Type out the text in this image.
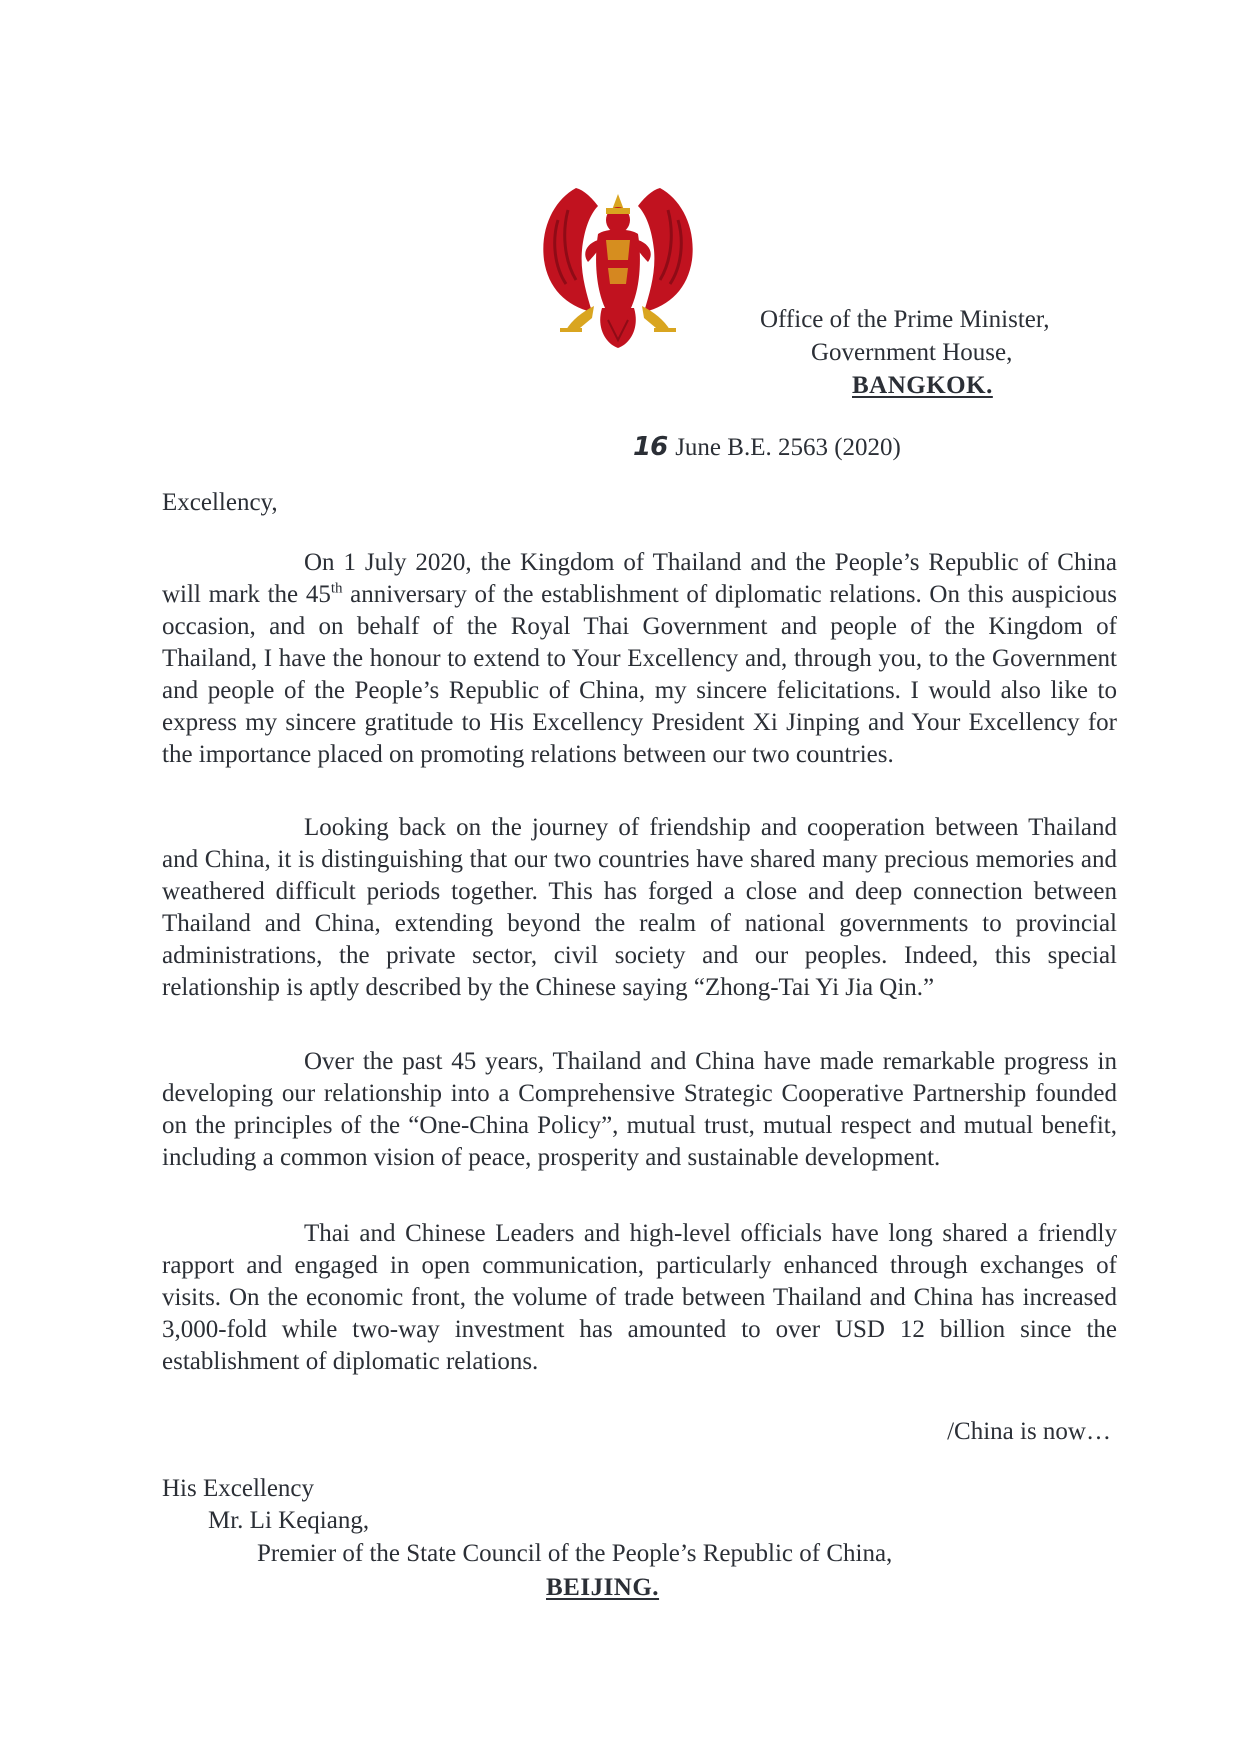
Office of the Prime Minister,
Government House,
BANGKOK.
16 June B.E. 2563 (2020)
Excellency,

On 1 July 2020, the Kingdom of Thailand and the People’s Republic of China will mark the 45th anniversary of the establishment of diplomatic relations. On this auspicious occasion, and on behalf of the Royal Thai Government and people of the Kingdom of Thailand, I have the honour to extend to Your Excellency and, through you, to the Government and people of the People’s Republic of China, my sincere felicitations. I would also like to express my sincere gratitude to His Excellency President Xi Jinping and Your Excellency for the importance placed on promoting relations between our two countries.

Looking back on the journey of friendship and cooperation between Thailand and China, it is distinguishing that our two countries have shared many precious memories and weathered difficult periods together. This has forged a close and deep connection between Thailand and China, extending beyond the realm of national governments to provincial administrations, the private sector, civil society and our peoples. Indeed, this special relationship is aptly described by the Chinese saying “Zhong-Tai Yi Jia Qin.”

Over the past 45 years, Thailand and China have made remarkable progress in developing our relationship into a Comprehensive Strategic Cooperative Partnership founded on the principles of the “One-China Policy”, mutual trust, mutual respect and mutual benefit, including a common vision of peace, prosperity and sustainable development.

Thai and Chinese Leaders and high-level officials have long shared a friendly rapport and engaged in open communication, particularly enhanced through exchanges of visits. On the economic front, the volume of trade between Thailand and China has increased 3,000-fold while two-way investment has amounted to over USD 12 billion since the establishment of diplomatic relations.

/China is now…
His Excellency
Mr. Li Keqiang,
Premier of the State Council of the People’s Republic of China,
BEIJING.
